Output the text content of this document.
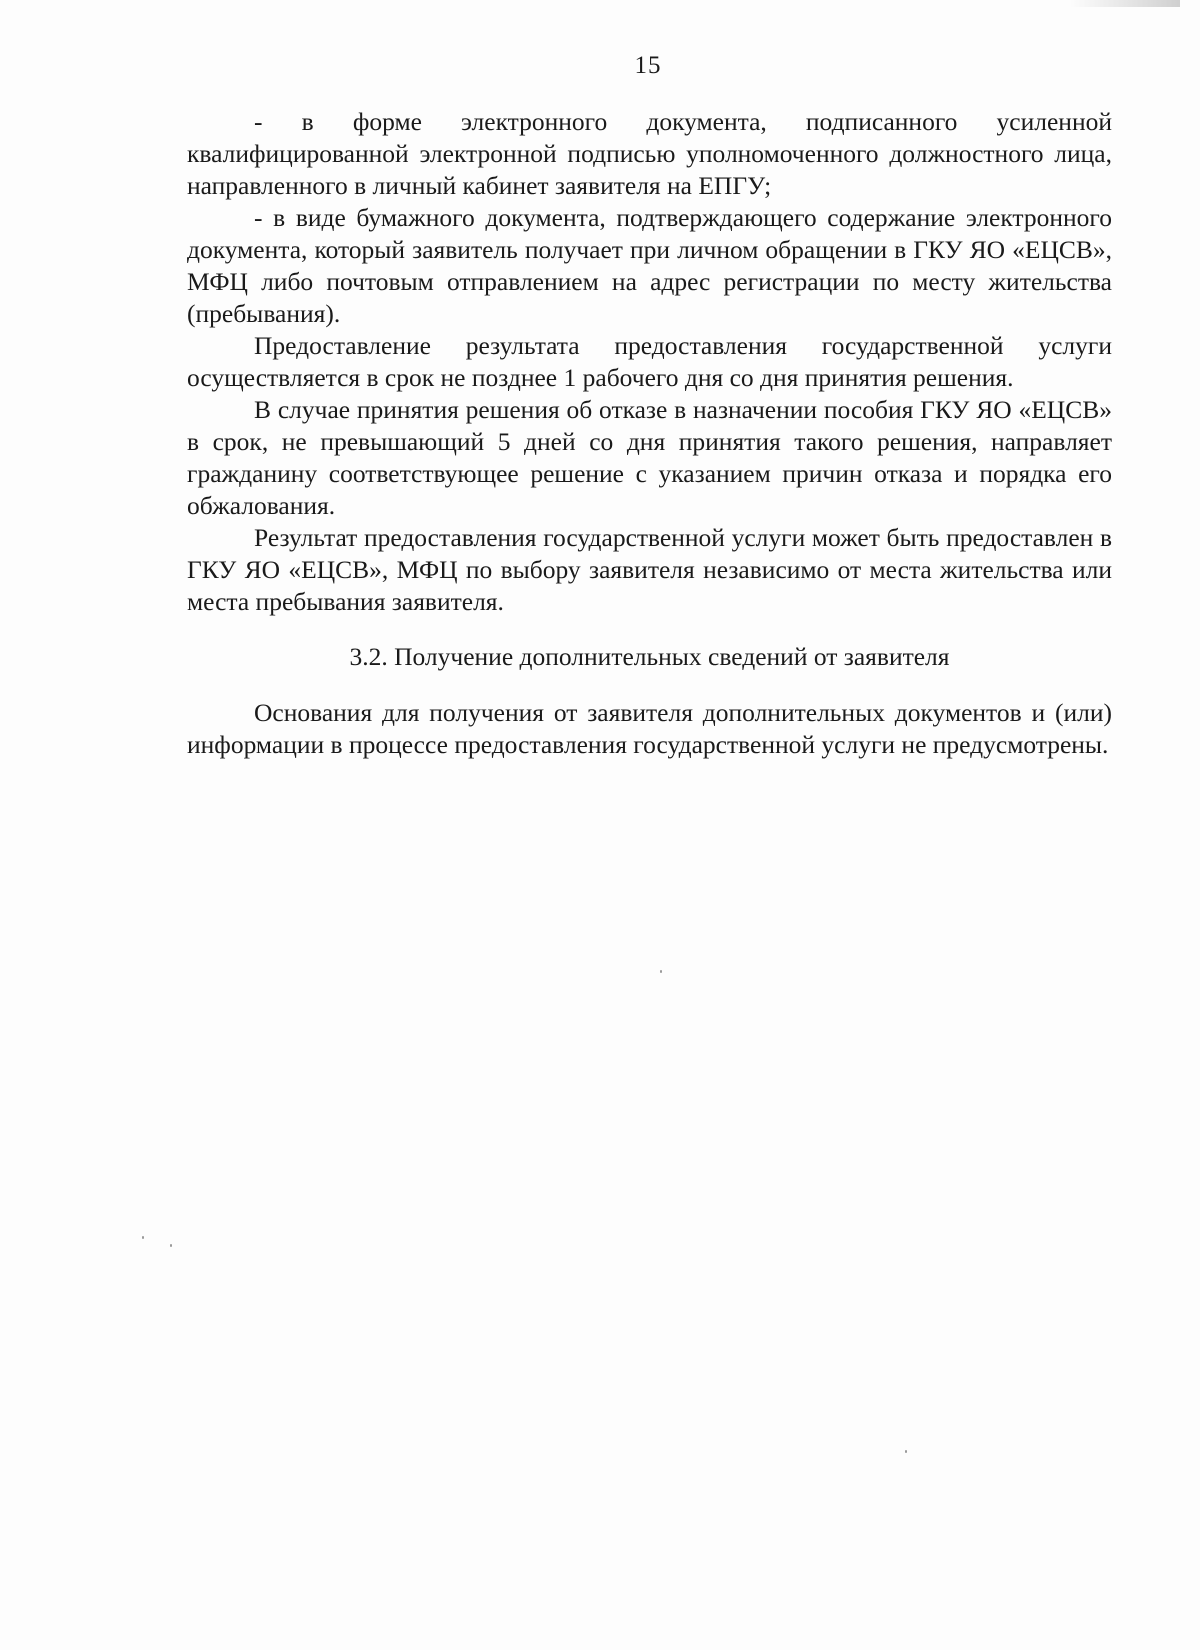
15

- в форме электронного документа, подписанного усиленной квалифицированной электронной подписью уполномоченного должностного лица, направленного в личный кабинет заявителя на ЕПГУ;

- в виде бумажного документа, подтверждающего содержание электронного документа, который заявитель получает при личном обращении в ГКУ ЯО «ЕЦСВ», МФЦ либо почтовым отправлением на адрес регистрации по месту жительства (пребывания).

Предоставление результата предоставления государственной услуги осуществляется в срок не позднее 1 рабочего дня со дня принятия решения.

В случае принятия решения об отказе в назначении пособия ГКУ ЯО «ЕЦСВ» в срок, не превышающий 5 дней со дня принятия такого решения, направляет гражданину соответствующее решение с указанием причин отказа и порядка его обжалования.

Результат предоставления государственной услуги может быть предоставлен в ГКУ ЯО «ЕЦСВ», МФЦ по выбору заявителя независимо от места жительства или места пребывания заявителя.

3.2. Получение дополнительных сведений от заявителя

Основания для получения от заявителя дополнительных документов и (или) информации в процессе предоставления государственной услуги не предусмотрены.
